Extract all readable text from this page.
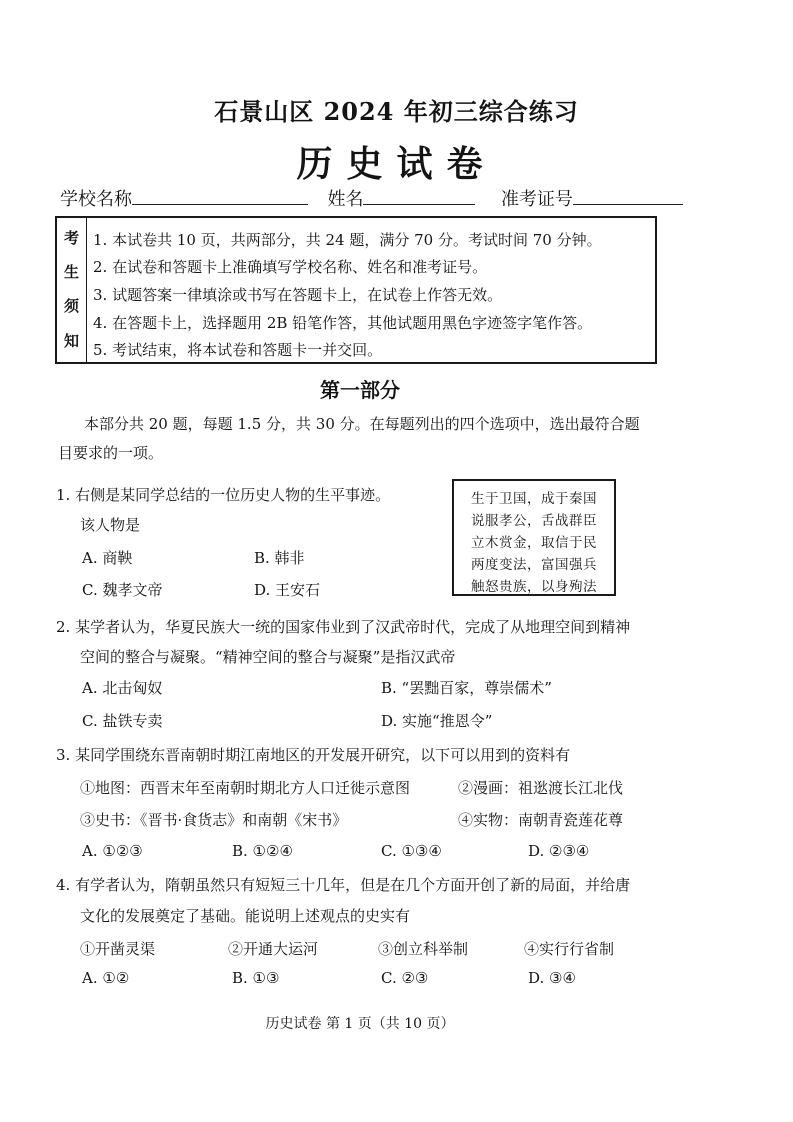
石景山区 2024 年初三综合练习
历史试卷
学校名称	姓名	准考证号
考
生
须
知
1. 本试卷共 10 页，共两部分，共 24 题，满分 70 分。考试时间 70 分钟。
2. 在试卷和答题卡上准确填写学校名称、姓名和准考证号。
3. 试题答案一律填涂或书写在答题卡上，在试卷上作答无效。
4. 在答题卡上，选择题用 2B 铅笔作答，其他试题用黑色字迹签字笔作答。
5. 考试结束，将本试卷和答题卡一并交回。
第一部分
本部分共 20 题，每题 1.5 分，共 30 分。在每题列出的四个选项中，选出最符合题
目要求的一项。
1. 右侧是某同学总结的一位历史人物的生平事迹。
该人物是
A. 商鞅	B. 韩非
C. 魏孝文帝	D. 王安石
生于卫国，成于秦国
说服孝公，舌战群臣
立木赏金，取信于民
两度变法，富国强兵
触怒贵族，以身殉法
2. 某学者认为，华夏民族大一统的国家伟业到了汉武帝时代，完成了从地理空间到精神
空间的整合与凝聚。“精神空间的整合与凝聚”是指汉武帝
A. 北击匈奴	B. “罢黜百家，尊崇儒术”
C. 盐铁专卖	D. 实施“推恩令”
3. 某同学围绕东晋南朝时期江南地区的开发展开研究，以下可以用到的资料有
①地图：西晋末年至南朝时期北方人口迁徙示意图	②漫画：祖逖渡长江北伐
③史书：《晋书·食货志》和南朝《宋书》	④实物：南朝青瓷莲花尊
A. ①②③	B. ①②④	C. ①③④	D. ②③④
4. 有学者认为，隋朝虽然只有短短三十几年，但是在几个方面开创了新的局面，并给唐
文化的发展奠定了基础。能说明上述观点的史实有
①开凿灵渠	②开通大运河	③创立科举制	④实行行省制
A. ①②	B. ①③	C. ②③	D. ③④
历史试卷 第 1 页（共 10 页）
